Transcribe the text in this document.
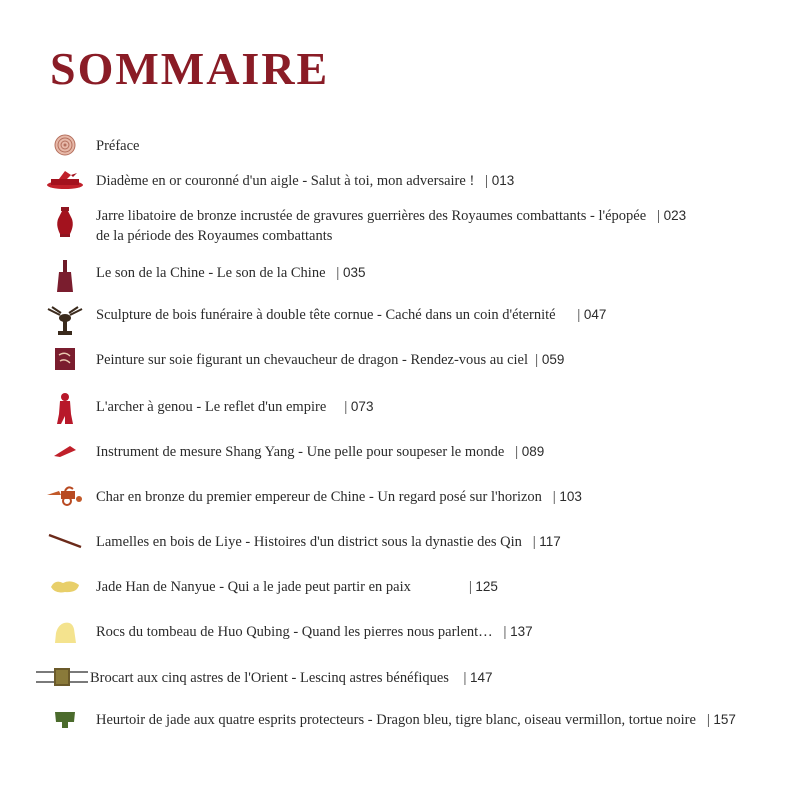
SOMMAIRE
Préface
Diadème en or couronné d'un aigle - Salut à toi, mon adversaire !   | 013
Jarre libatoire de bronze incrustée de gravures guerrières des Royaumes combattants - l'épopée   | 023
de la période des Royaumes combattants
Le son de la Chine - Le son de la Chine   | 035
Sculpture de bois funéraire à double tête cornue - Caché dans un coin d'éternité      | 047
Peinture sur soie figurant un chevaucheur de dragon - Rendez-vous au ciel  | 059
L'archer à genou - Le reflet d'un empire     | 073
Instrument de mesure Shang Yang - Une pelle pour soupeser le monde   | 089
Char en bronze du premier empereur de Chine - Un regard posé sur l'horizon   | 103
Lamelles en bois de Liye - Histoires d'un district sous la dynastie des Qin   | 117
Jade Han de Nanyue - Qui a le jade peut partir en paix                | 125
Rocs du tombeau de Huo Qubing - Quand les pierres nous parlent…   | 137
Brocart aux cinq astres de l'Orient - Lescinq astres bénéfiques    | 147
Heurtoir de jade aux quatre esprits protecteurs - Dragon bleu, tigre blanc, oiseau vermillon, tortue noire   | 157
